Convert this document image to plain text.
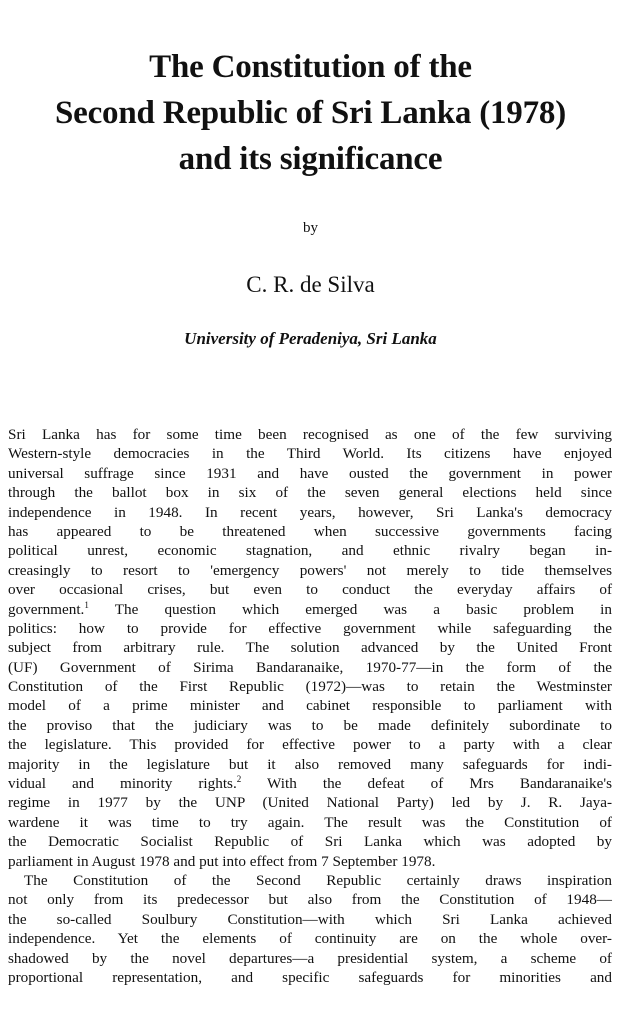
The Constitution of the
Second Republic of Sri Lanka (1978)
and its significance
by
C. R. de Silva
University of Peradeniya, Sri Lanka
Sri Lanka has for some time been recognised as one of the few surviving
Western-style democracies in the Third World. Its citizens have enjoyed
universal suffrage since 1931 and have ousted the government in power
through the ballot box in six of the seven general elections held since
independence in 1948. In recent years, however, Sri Lanka's democracy
has appeared to be threatened when successive governments facing
political unrest, economic stagnation, and ethnic rivalry began in-
creasingly to resort to 'emergency powers' not merely to tide themselves
over occasional crises, but even to conduct the everyday affairs of
government.$^1$ The question which emerged was a basic problem in
politics: how to provide for effective government while safeguarding the
subject from arbitrary rule. The solution advanced by the United Front
(UF) Government of Sirima Bandaranaike, 1970-77—in the form of the
Constitution of the First Republic (1972)—was to retain the Westminster
model of a prime minister and cabinet responsible to parliament with
the proviso that the judiciary was to be made definitely subordinate to
the legislature. This provided for effective power to a party with a clear
majority in the legislature but it also removed many safeguards for indi-
vidual and minority rights.$^2$ With the defeat of Mrs Bandaranaike's
regime in 1977 by the UNP (United National Party) led by J. R. Jaya-
wardene it was time to try again. The result was the Constitution of
the Democratic Socialist Republic of Sri Lanka which was adopted by
parliament in August 1978 and put into effect from 7 September 1978.
The Constitution of the Second Republic certainly draws inspiration
not only from its predecessor but also from the Constitution of 1948—
the so-called Soulbury Constitution—with which Sri Lanka achieved
independence. Yet the elements of continuity are on the whole over-
shadowed by the novel departures—a presidential system, a scheme of
proportional representation, and specific safeguards for minorities and
